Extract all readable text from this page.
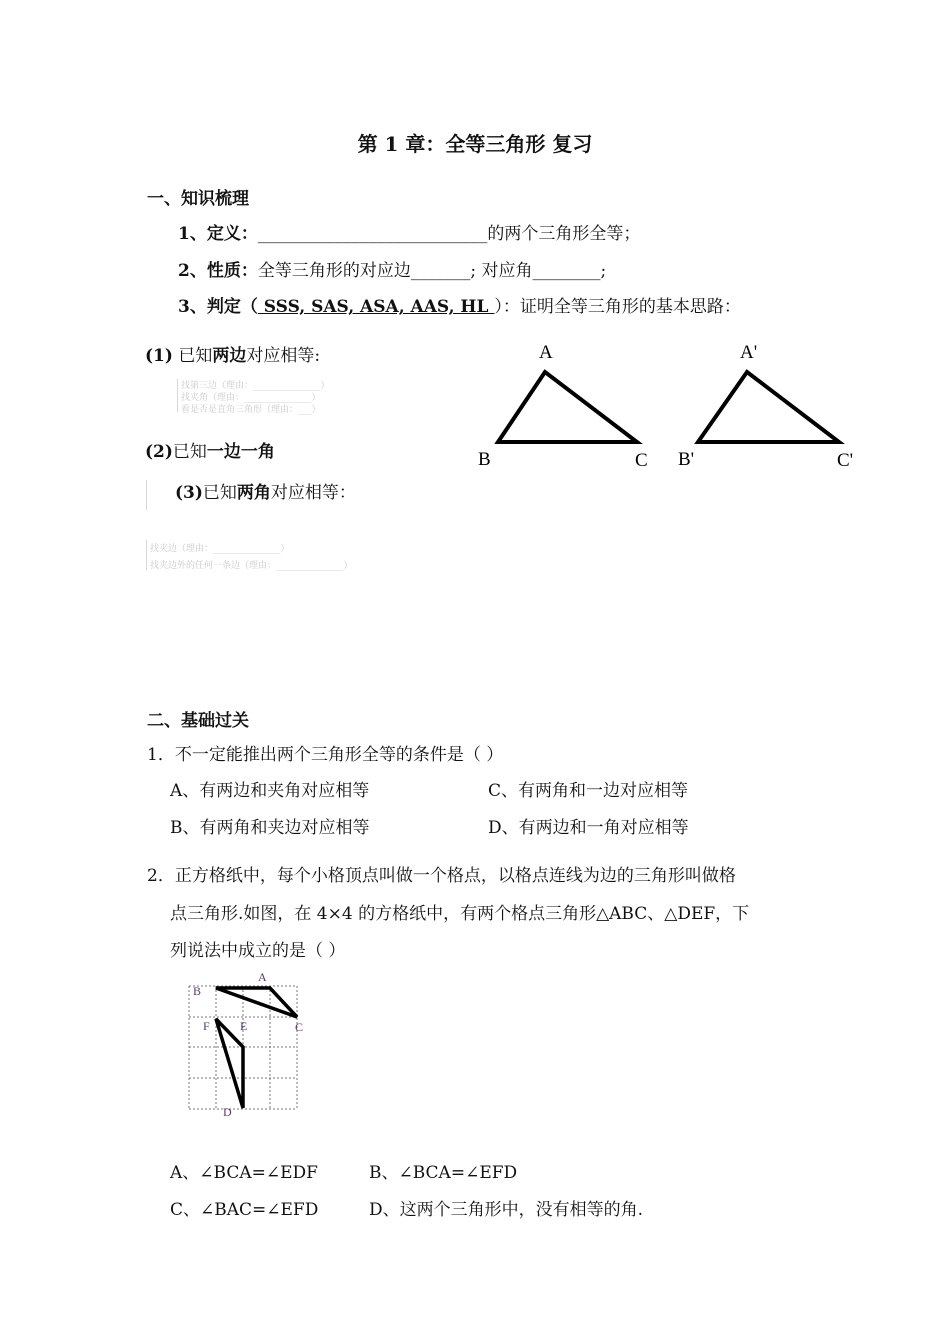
第 1 章：全等三角形 复习
一、知识梳理
1、定义：___________________________的两个三角形全等；
2、性质：全等三角形的对应边_______; 对应角________;
3、判定（ SSS, SAS, ASA, AAS, HL ）：证明全等三角形的基本思路：
(1) 已知两边对应相等:
找第三边（理由：_______________）
找夹角（理由：_______________）
看是否是直角三角形（理由：___）
(2)已知一边一角
(3)已知两角对应相等：
找夹边（理由：_______________）
找夹边外的任何一条边（理由：_______________）
A
B	C
A'
B'	C'
二、基础过关
1．不一定能推出两个三角形全等的条件是（ ）
A、有两边和夹角对应相等	C、有两角和一边对应相等
B、有两角和夹边对应相等	D、有两边和一角对应相等
2．正方格纸中，每个小格顶点叫做一个格点，以格点连线为边的三角形叫做格
点三角形.如图，在 4×4 的方格纸中，有两个格点三角形△ABC、△DEF，下
列说法中成立的是（ ）
A
B
C
D
E
F
A、∠BCA=∠EDF	B、∠BCA=∠EFD
C、∠BAC=∠EFD	D、这两个三角形中，没有相等的角.
